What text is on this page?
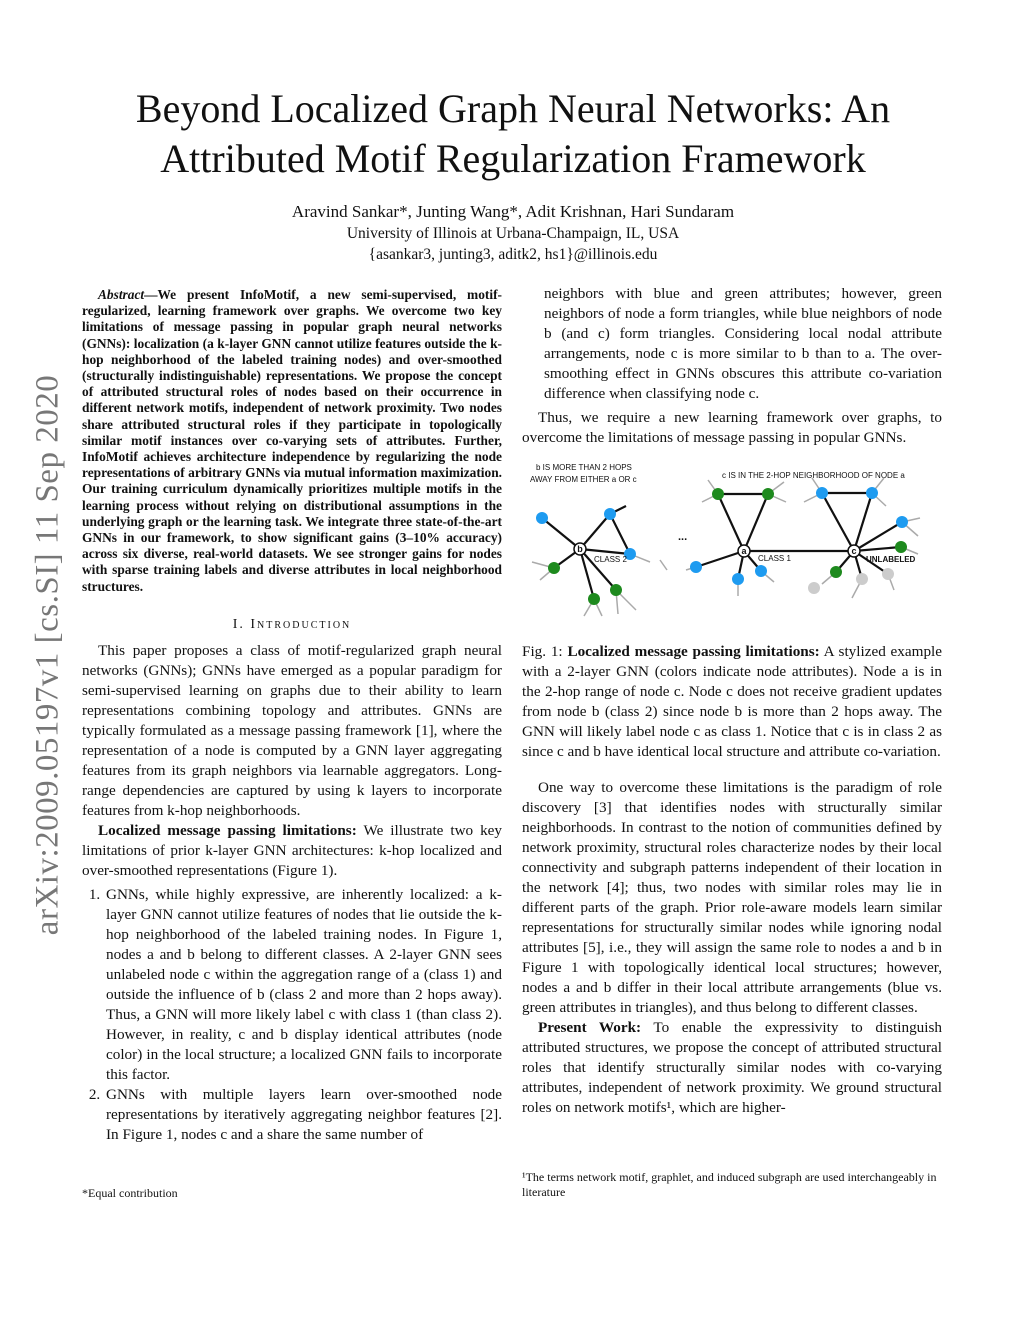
arXiv:2009.05197v1 [cs.SI] 11 Sep 2020
Beyond Localized Graph Neural Networks: An
Attributed Motif Regularization Framework
Aravind Sankar*, Junting Wang*, Adit Krishnan, Hari Sundaram
University of Illinois at Urbana-Champaign, IL, USA
{asankar3, junting3, aditk2, hs1}@illinois.edu

Abstract—We present InfoMotif, a new semi-supervised, motif-regularized, learning framework over graphs. We overcome two key limitations of message passing in popular graph neural networks (GNNs): localization (a k-layer GNN cannot utilize features outside the k-hop neighborhood of the labeled training nodes) and over-smoothed (structurally indistinguishable) representations. We propose the concept of attributed structural roles of nodes based on their occurrence in different network motifs, independent of network proximity. Two nodes share attributed structural roles if they participate in topologically similar motif instances over co-varying sets of attributes. Further, InfoMotif achieves architecture independence by regularizing the node representations of arbitrary GNNs via mutual information maximization. Our training curriculum dynamically prioritizes multiple motifs in the learning process without relying on distributional assumptions in the underlying graph or the learning task. We integrate three state-of-the-art GNNs in our framework, to show significant gains (3–10% accuracy) across six diverse, real-world datasets. We see stronger gains for nodes with sparse training labels and diverse attributes in local neighborhood structures.

I. Introduction

This paper proposes a class of motif-regularized graph neural networks (GNNs); GNNs have emerged as a popular paradigm for semi-supervised learning on graphs due to their ability to learn representations combining topology and attributes. GNNs are typically formulated as a message passing framework [1], where the representation of a node is computed by a GNN layer aggregating features from its graph neighbors via learnable aggregators. Long-range dependencies are captured by using k layers to incorporate features from k-hop neighborhoods.

Localized message passing limitations: We illustrate two key limitations of prior k-layer GNN architectures: k-hop localized and over-smoothed representations (Figure 1).

1. GNNs, while highly expressive, are inherently localized: a k-layer GNN cannot utilize features of nodes that lie outside the k-hop neighborhood of the labeled training nodes. In Figure 1, nodes a and b belong to different classes. A 2-layer GNN sees unlabeled node c within the aggregation range of a (class 1) and outside the influence of b (class 2 and more than 2 hops away). Thus, a GNN will more likely label c with class 1 (than class 2). However, in reality, c and b display identical attributes (node color) in the local structure; a localized GNN fails to incorporate this factor.
2. GNNs with multiple layers learn over-smoothed node representations by iteratively aggregating neighbor features [2]. In Figure 1, nodes c and a share the same number of

neighbors with blue and green attributes; however, green neighbors of node a form triangles, while blue neighbors of node b (and c) form triangles. Considering local nodal attribute arrangements, node c is more similar to b than to a. The over-smoothing effect in GNNs obscures this attribute co-variation difference when classifying node c.

Thus, we require a new learning framework over graphs, to overcome the limitations of message passing in popular GNNs.

b IS MORE THAN 2 HOPS
AWAY FROM EITHER a OR c	c IS IN THE 2-HOP NEIGHBORHOOD OF NODE a
b	a	c
CLASS 2	CLASS 1	UNLABELED
...
Fig. 1: Localized message passing limitations: A stylized example with a 2-layer GNN (colors indicate node attributes). Node a is in the 2-hop range of node c. Node c does not receive gradient updates from node b (class 2) since node b is more than 2 hops away. The GNN will likely label node c as class 1. Notice that c is in class 2 as since c and b have identical local structure and attribute co-variation.

One way to overcome these limitations is the paradigm of role discovery [3] that identifies nodes with structurally similar neighborhoods. In contrast to the notion of communities defined by network proximity, structural roles characterize nodes by their local connectivity and subgraph patterns independent of their location in the network [4]; thus, two nodes with similar roles may lie in different parts of the graph. Prior role-aware models learn similar representations for structurally similar nodes while ignoring nodal attributes [5], i.e., they will assign the same role to nodes a and b in Figure 1 with topologically identical local structures; however, nodes a and b differ in their local attribute arrangements (blue vs. green attributes in triangles), and thus belong to different classes.

Present Work: To enable the expressivity to distinguish attributed structures, we propose the concept of attributed structural roles that identify structurally similar nodes with co-varying attributes, independent of network proximity. We ground structural roles on network motifs¹, which are higher-

*Equal contribution
¹The terms network motif, graphlet, and induced subgraph are used interchangeably in literature
